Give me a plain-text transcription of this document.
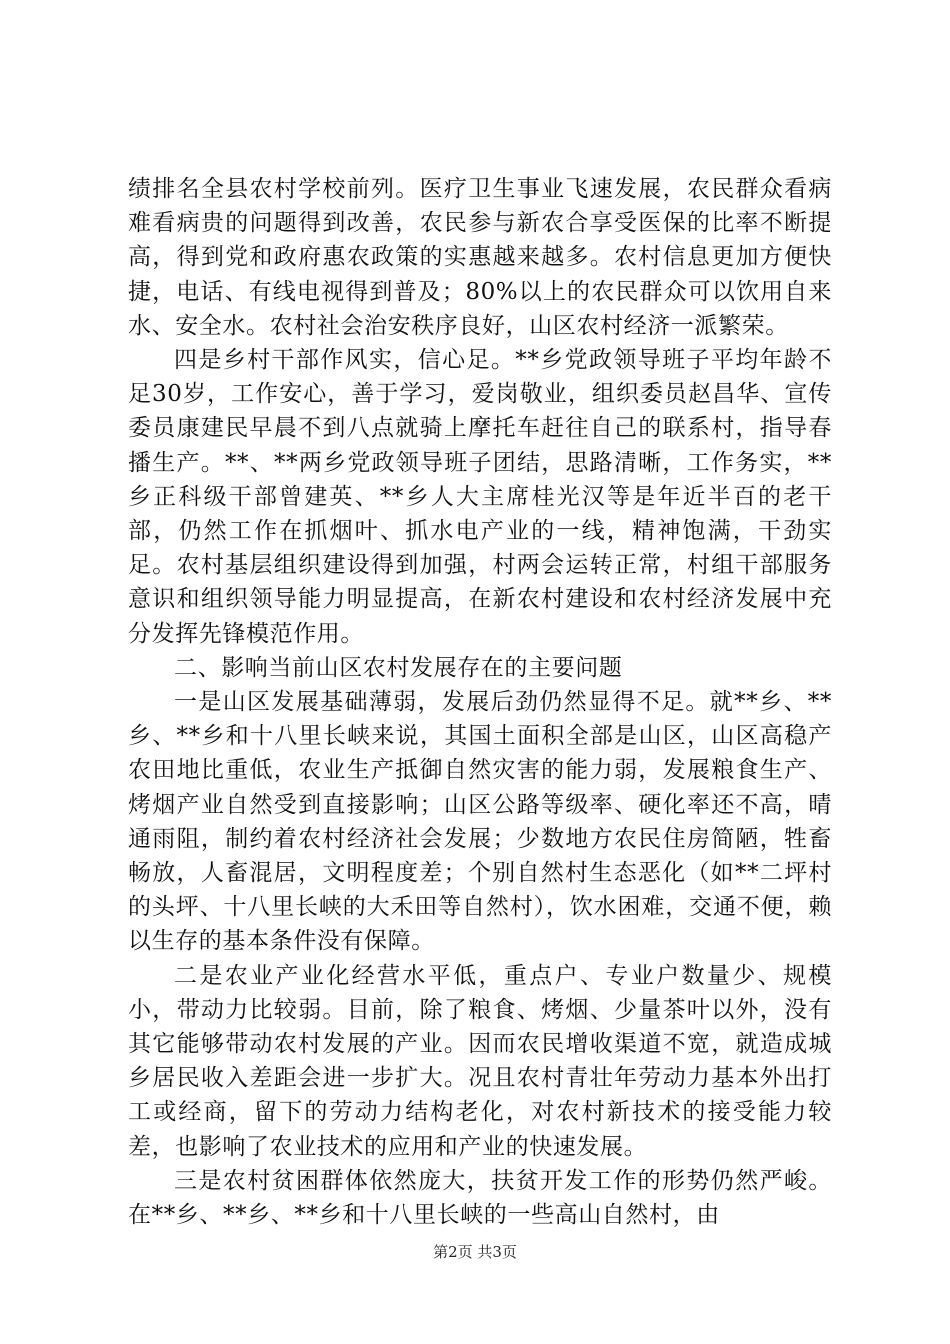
绩排名全县农村学校前列。医疗卫生事业飞速发展，农民群众看病难看病贵的问题得到改善，农民参与新农合享受医保的比率不断提高，得到党和政府惠农政策的实惠越来越多。农村信息更加方便快捷，电话、有线电视得到普及；80%以上的农民群众可以饮用自来水、安全水。农村社会治安秩序良好，山区农村经济一派繁荣。

四是乡村干部作风实，信心足。**乡党政领导班子平均年龄不足30岁，工作安心，善于学习，爱岗敬业，组织委员赵昌华、宣传委员康建民早晨不到八点就骑上摩托车赶往自己的联系村，指导春播生产。**、**两乡党政领导班子团结，思路清晰，工作务实，**乡正科级干部曾建英、**乡人大主席桂光汉等是年近半百的老干部，仍然工作在抓烟叶、抓水电产业的一线，精神饱满，干劲实足。农村基层组织建设得到加强，村两会运转正常，村组干部服务意识和组织领导能力明显提高，在新农村建设和农村经济发展中充分发挥先锋模范作用。

二、影响当前山区农村发展存在的主要问题

一是山区发展基础薄弱，发展后劲仍然显得不足。就**乡、**乡、**乡和十八里长峡来说，其国土面积全部是山区，山区高稳产农田地比重低，农业生产抵御自然灾害的能力弱，发展粮食生产、烤烟产业自然受到直接影响；山区公路等级率、硬化率还不高，晴通雨阻，制约着农村经济社会发展；少数地方农民住房简陋，牲畜畅放，人畜混居，文明程度差；个别自然村生态恶化（如**二坪村的头坪、十八里长峡的大禾田等自然村），饮水困难，交通不便，赖以生存的基本条件没有保障。

二是农业产业化经营水平低，重点户、专业户数量少、规模小，带动力比较弱。目前，除了粮食、烤烟、少量茶叶以外，没有其它能够带动农村发展的产业。因而农民增收渠道不宽，就造成城乡居民收入差距会进一步扩大。况且农村青壮年劳动力基本外出打工或经商，留下的劳动力结构老化，对农村新技术的接受能力较差，也影响了农业技术的应用和产业的快速发展。

三是农村贫困群体依然庞大，扶贫开发工作的形势仍然严峻。在**乡、**乡、**乡和十八里长峡的一些高山自然村，由

第2页 共3页
